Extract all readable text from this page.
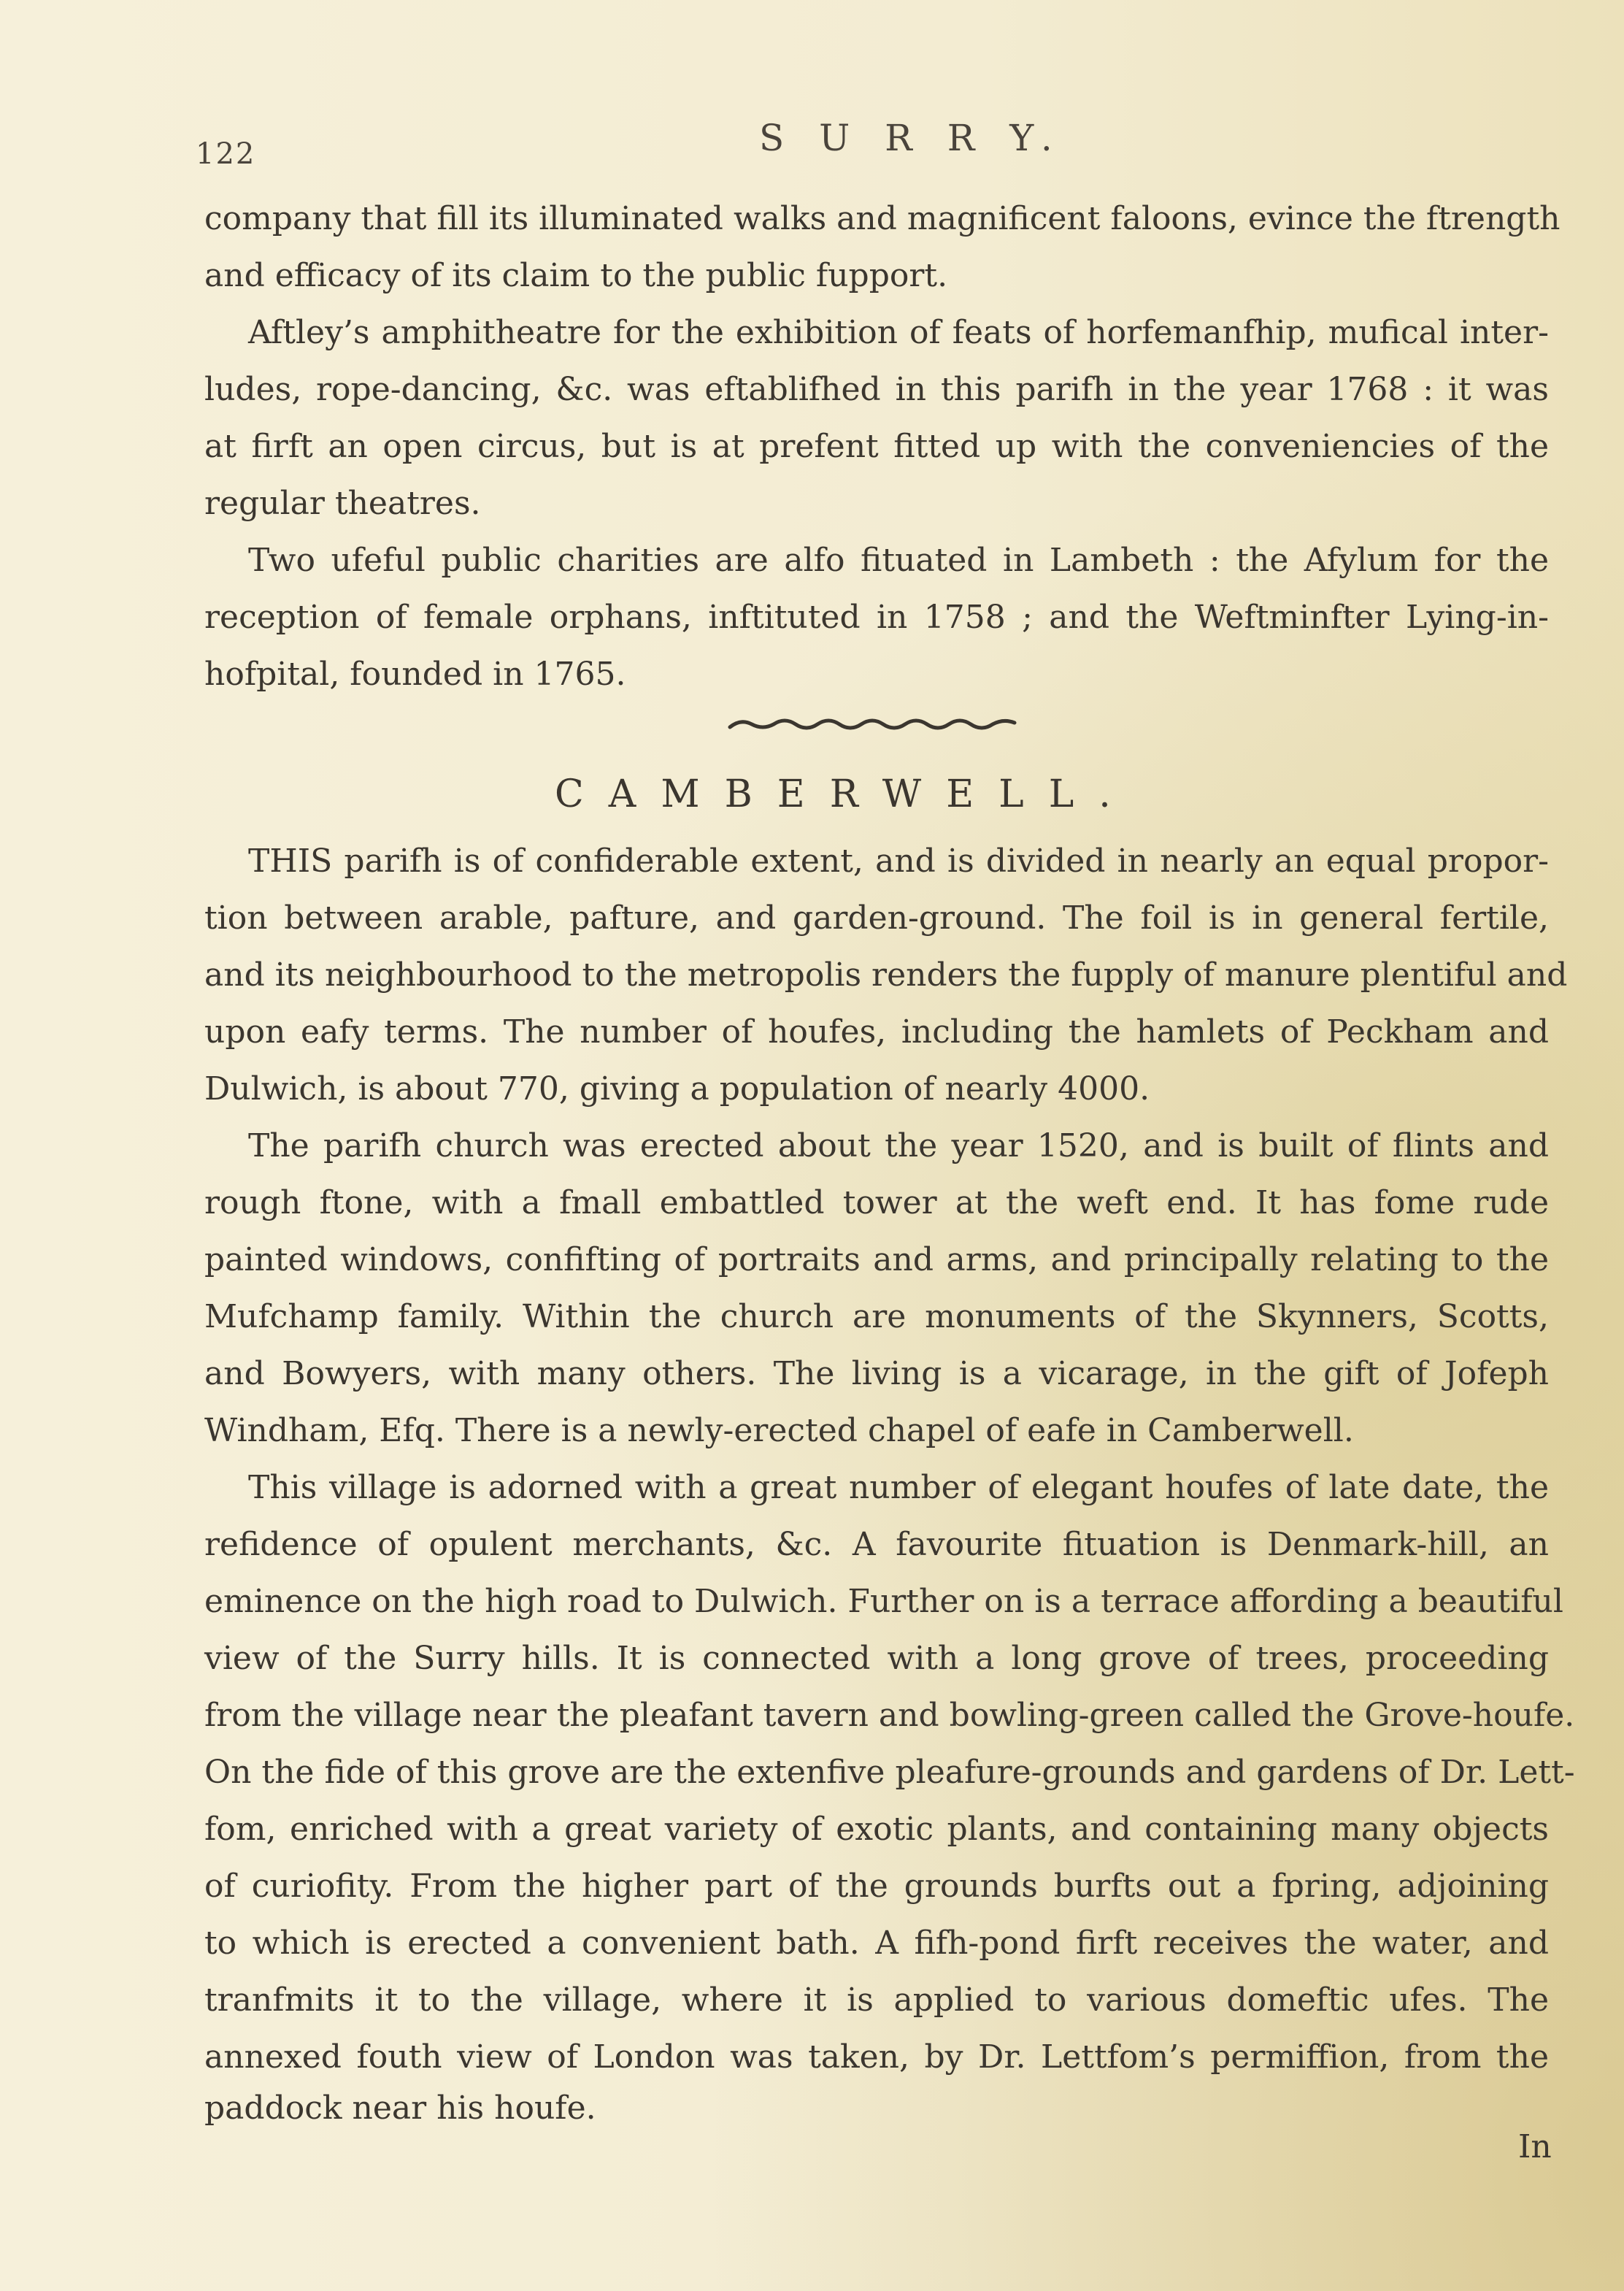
122	S U R R Y.
company that fill its illuminated walks and magnificent faloons, evince the ftrength
and efficacy of its claim to the public fupport.
Aftley’s amphitheatre for the exhibition of feats of horfemanfhip, mufical inter-
ludes, rope-dancing, &c. was eftablifhed in this parifh in the year 1768 : it was
at firft an open circus, but is at prefent fitted up with the conveniencies of the
regular theatres.
Two ufeful public charities are alfo fituated in Lambeth : the Afylum for the
reception of female orphans, inftituted in 1758 ; and the Weftminfter Lying-in-
hofpital, founded in 1765.
CAMBERWELL.
THIS parifh is of confiderable extent, and is divided in nearly an equal propor-
tion between arable, pafture, and garden-ground. The foil is in general fertile,
and its neighbourhood to the metropolis renders the fupply of manure plentiful and
upon eafy terms. The number of houfes, including the hamlets of Peckham and
Dulwich, is about 770, giving a population of nearly 4000.
The parifh church was erected about the year 1520, and is built of flints and
rough ftone, with a fmall embattled tower at the weft end. It has fome rude
painted windows, confifting of portraits and arms, and principally relating to the
Mufchamp family. Within the church are monuments of the Skynners, Scotts,
and Bowyers, with many others. The living is a vicarage, in the gift of Jofeph
Windham, Efq. There is a newly-erected chapel of eafe in Camberwell.
This village is adorned with a great number of elegant houfes of late date, the
refidence of opulent merchants, &c. A favourite fituation is Denmark-hill, an
eminence on the high road to Dulwich. Further on is a terrace affording a beautiful
view of the Surry hills. It is connected with a long grove of trees, proceeding
from the village near the pleafant tavern and bowling-green called the Grove-houfe.
On the fide of this grove are the extenfive pleafure-grounds and gardens of Dr. Lett-
fom, enriched with a great variety of exotic plants, and containing many objects
of curiofity. From the higher part of the grounds burfts out a fpring, adjoining
to which is erected a convenient bath. A fifh-pond firft receives the water, and
tranfmits it to the village, where it is applied to various domeftic ufes. The
annexed fouth view of London was taken, by Dr. Lettfom’s permiffion, from the
paddock near his houfe.
In
